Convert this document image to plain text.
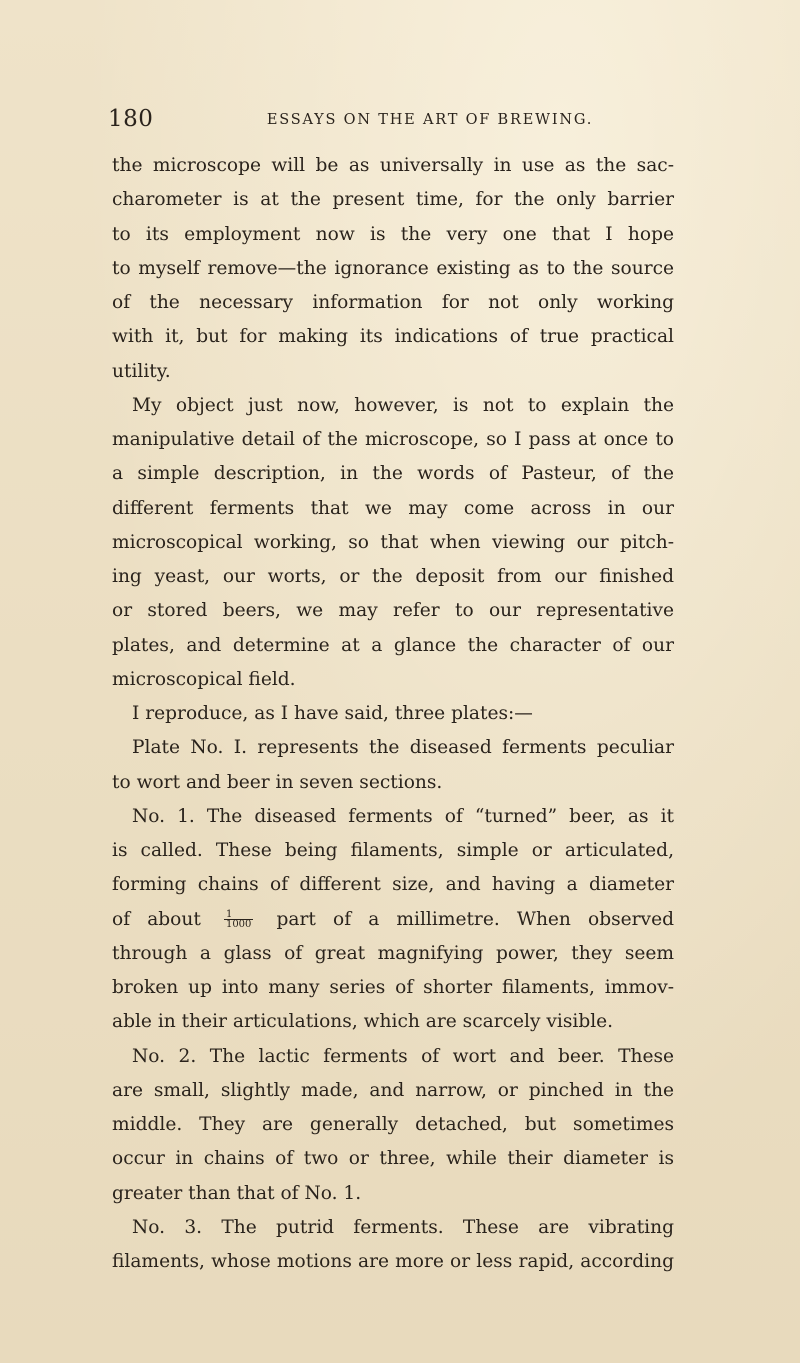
180	ESSAYS ON THE ART OF BREWING.
the microscope will be as universally in use as the sac-
charometer is at the present time, for the only barrier
to its employment now is the very one that I hope
to myself remove—the ignorance existing as to the source
of the necessary information for not only working
with it, but for making its indications of true practical
utility.
My object just now, however, is not to explain the
manipulative detail of the microscope, so I pass at once to
a simple description, in the words of Pasteur, of the
different ferments that we may come across in our
microscopical working, so that when viewing our pitch-
ing yeast, our worts, or the deposit from our finished
or stored beers, we may refer to our representative
plates, and determine at a glance the character of our
microscopical field.
I reproduce, as I have said, three plates:—
Plate No. I. represents the diseased ferments peculiar
to wort and beer in seven sections.
No. 1. The diseased ferments of “turned” beer, as it
is called. These being filaments, simple or articulated,
forming chains of different size, and having a diameter
of about $\frac{1}{1000}$ part of a millimetre. When observed
through a glass of great magnifying power, they seem
broken up into many series of shorter filaments, immov-
able in their articulations, which are scarcely visible.
No. 2. The lactic ferments of wort and beer. These
are small, slightly made, and narrow, or pinched in the
middle. They are generally detached, but sometimes
occur in chains of two or three, while their diameter is
greater than that of No. 1.
No. 3. The putrid ferments. These are vibrating
filaments, whose motions are more or less rapid, according
